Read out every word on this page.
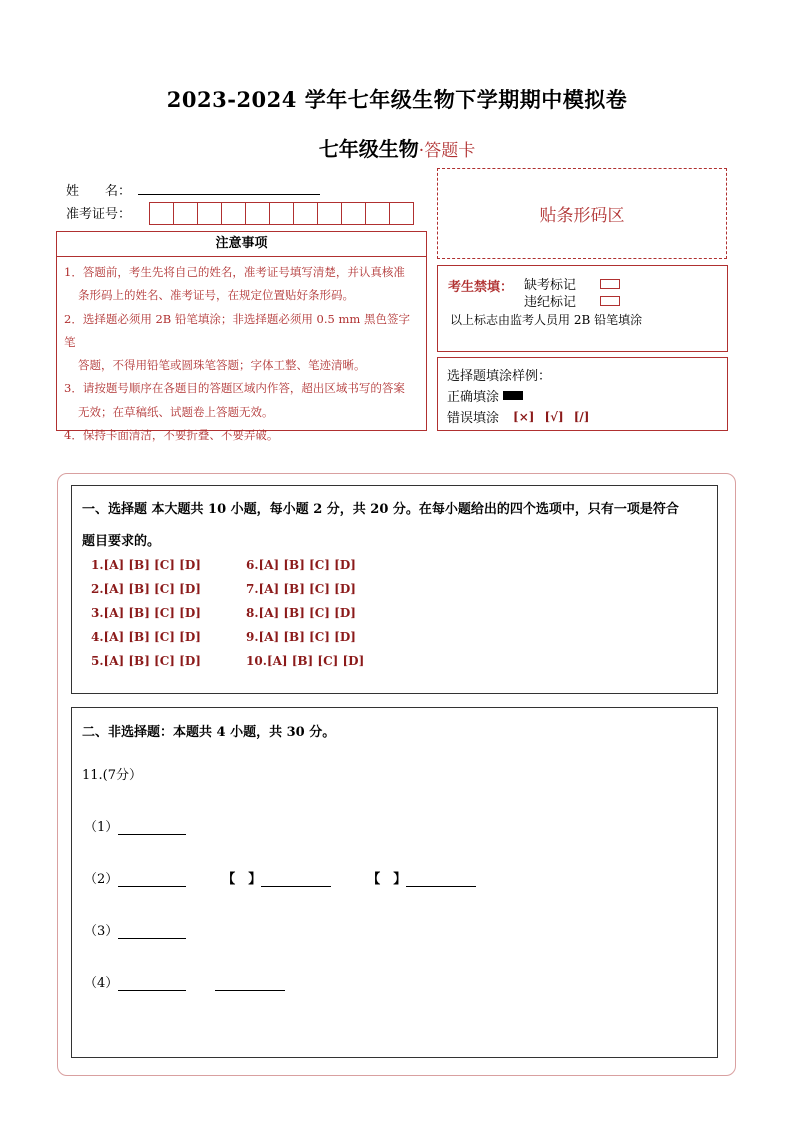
2023-2024 学年七年级生物下学期期中模拟卷
七年级生物·答题卡
姓　　名：
准考证号：	贴条形码区
注意事项

1．答题前，考生先将自己的姓名，准考证号填写清楚，并认真核准

条形码上的姓名、准考证号，在规定位置贴好条形码。

2．选择题必须用 2B 铅笔填涂；非选择题必须用 0.5 mm 黑色签字笔

答题，不得用铅笔或圆珠笔答题；字体工整、笔迹清晰。

3．请按题号顺序在各题目的答题区域内作答，超出区域书写的答案

无效；在草稿纸、试题卷上答题无效。

4．保持卡面清洁，不要折叠、不要弄破。

考生禁填： 缺考标记
违纪标记
以上标志由监考人员用 2B 铅笔填涂
选择题填涂样例：
正确填涂
错误填涂 [×] [√] [/]
一、选择题 本大题共 10 小题，每小题 2 分，共 20 分。在每小题给出的四个选项中，只有一项是符合
题目要求的。
1.[A] [B] [C] [D]
2.[A] [B] [C] [D]
3.[A] [B] [C] [D]
4.[A] [B] [C] [D]
5.[A] [B] [C] [D]
6.[A] [B] [C] [D]
7.[A] [B] [C] [D]
8.[A] [B] [C] [D]
9.[A] [B] [C] [D]
10.[A] [B] [C] [D]
二、非选择题：本题共 4 小题，共 30 分。
11.(7分）
（1）
（2）	【　】	【　】
（3）
（4）
